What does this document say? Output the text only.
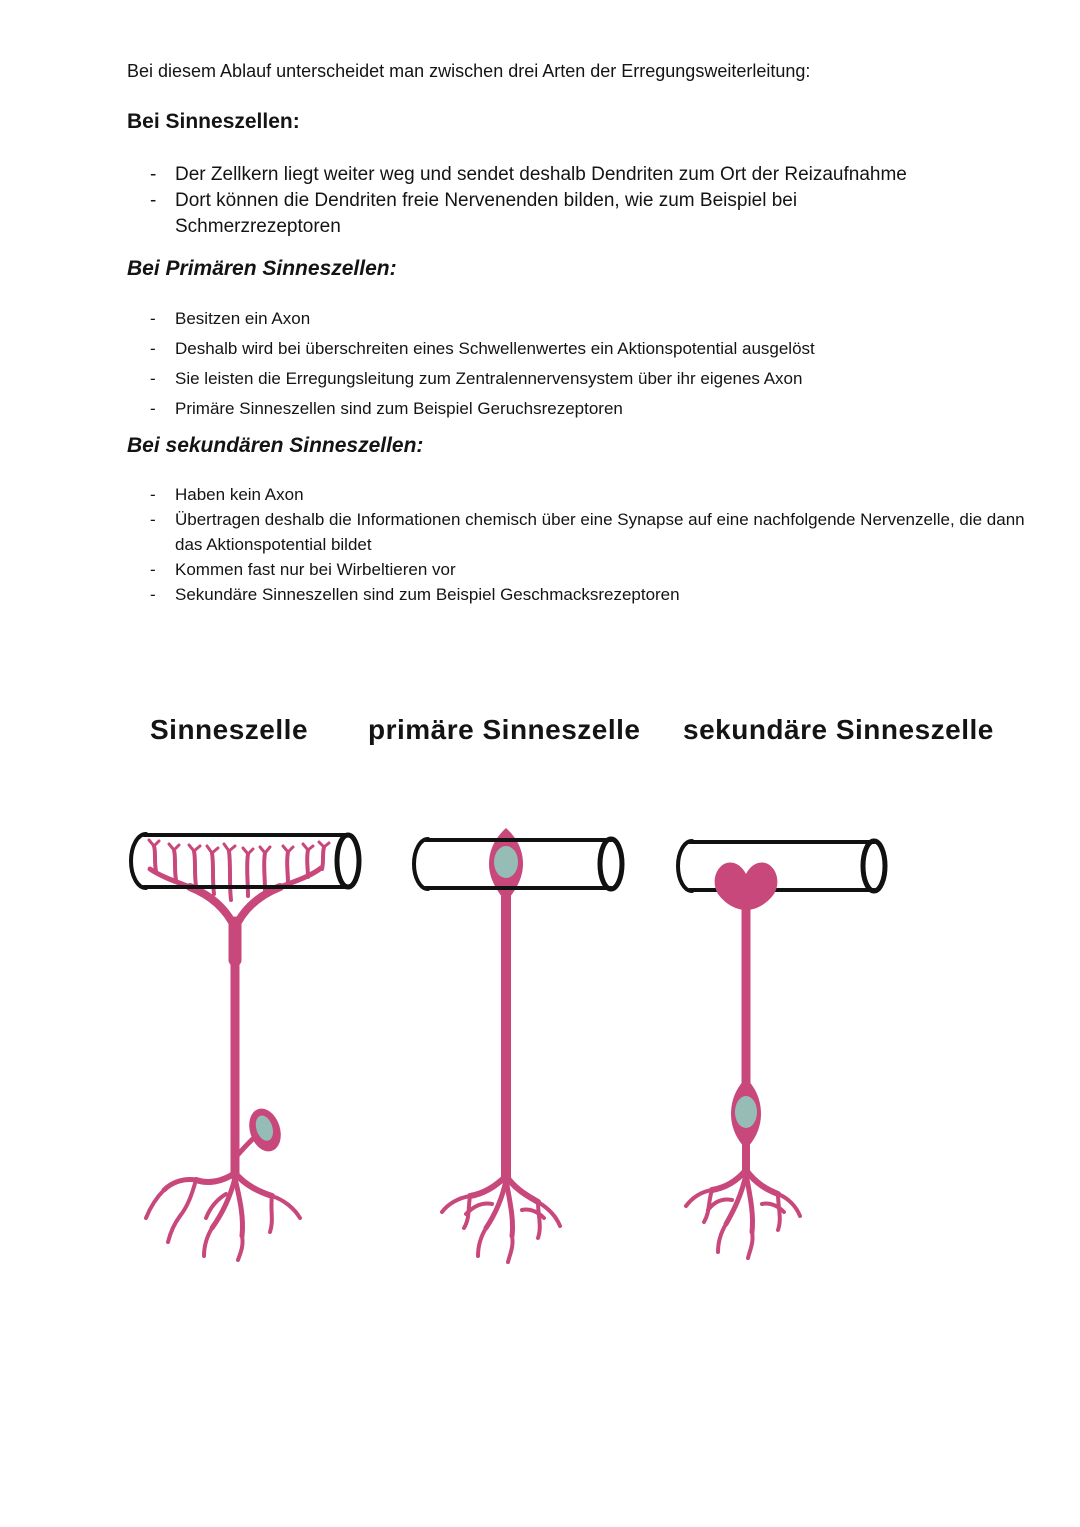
Bei diesem Ablauf unterscheidet man zwischen drei Arten der Erregungsweiterleitung:
Bei Sinneszellen:
- Der Zellkern liegt weiter weg und sendet deshalb Dendriten zum Ort der Reizaufnahme
- Dort können die Dendriten freie Nervenenden bilden, wie zum Beispiel bei Schmerzrezeptoren
Bei Primären Sinneszellen:
-	Besitzen ein Axon
-	Deshalb wird bei überschreiten eines Schwellenwertes ein Aktionspotential ausgelöst
-	Sie leisten die Erregungsleitung zum Zentralennervensystem über ihr eigenes Axon
-	Primäre Sinneszellen sind zum Beispiel Geruchsrezeptoren
Bei sekundären Sinneszellen:
-	Haben kein Axon
-	Übertragen deshalb die Informationen chemisch über eine Synapse auf eine nachfolgende Nervenzelle, die dann das Aktionspotential bildet
-	Kommen fast nur bei Wirbeltieren vor
-	Sekundäre Sinneszellen sind zum Beispiel Geschmacksrezeptoren
Sinneszelle primäre Sinneszelle sekundäre Sinneszelle
